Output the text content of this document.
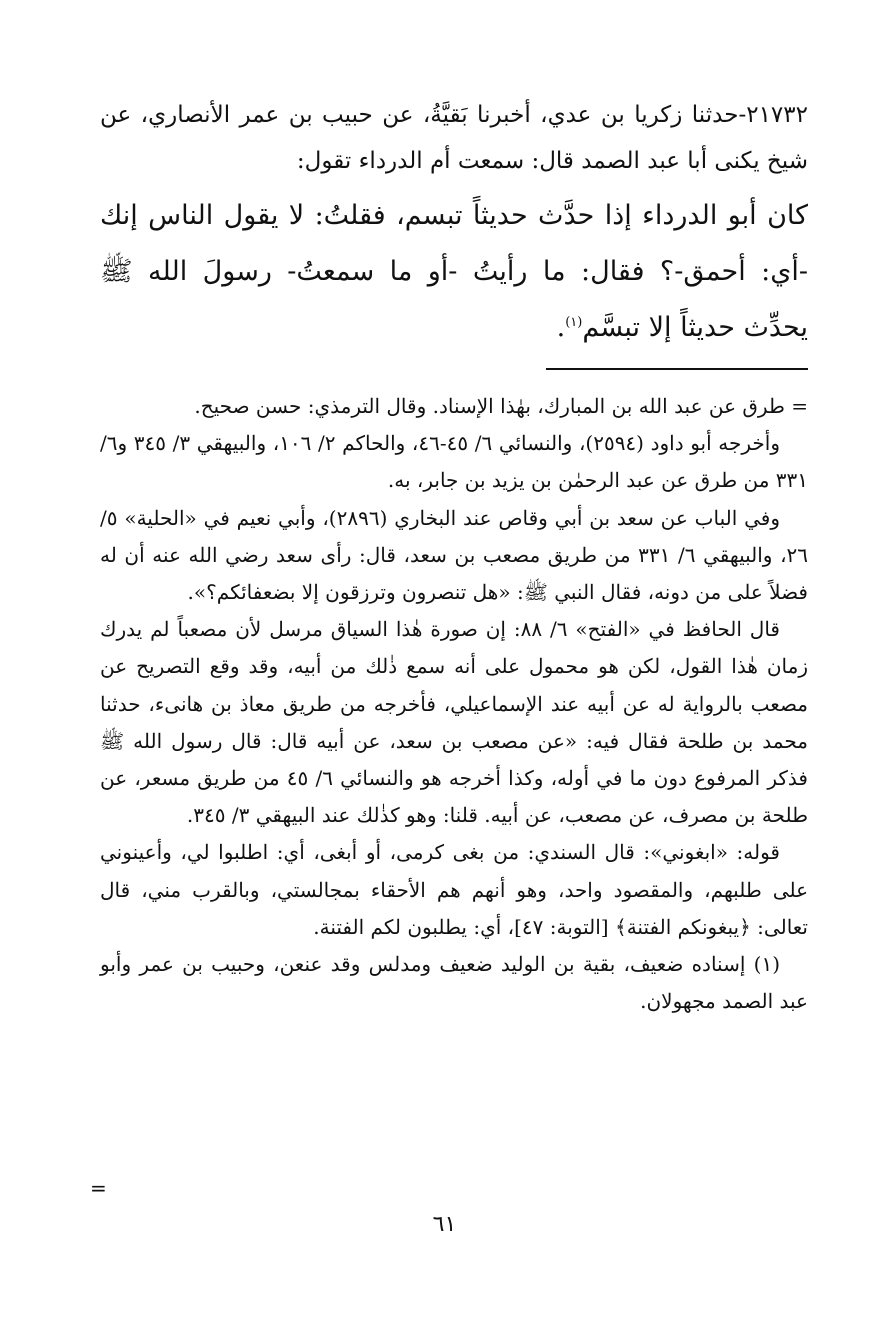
٢١٧٣٢-حدثنا زكريا بن عدي، أخبرنا بَقيَّةُ، عن حبيب بن عمر الأنصاري، عن شيخ يكنى أبا عبد الصمد قال: سمعت أم الدرداء تقول:

كان أبو الدرداء إذا حدَّث حديثاً تبسم، فقلتُ: لا يقول الناس إنك -أي: أحمق-؟ فقال: ما رأيتُ -أو ما سمعتُ- رسولَ الله ﷺ يحدِّث حديثاً إلا تبسَّم$^{(١)}$.

= طرق عن عبد الله بن المبارك، بهٰذا الإسناد. وقال الترمذي: حسن صحيح.

وأخرجه أبو داود (٢٥٩٤)، والنسائي ٦/ ٤٥-٤٦، والحاكم ٢/ ١٠٦، والبيهقي ٣/ ٣٤٥ و٦/ ٣٣١ من طرق عن عبد الرحمٰن بن يزيد بن جابر، به.

وفي الباب عن سعد بن أبي وقاص عند البخاري (٢٨٩٦)، وأبي نعيم في «الحلية» ٥/ ٢٦، والبيهقي ٦/ ٣٣١ من طريق مصعب بن سعد، قال: رأى سعد رضي الله عنه أن له فضلاً على من دونه، فقال النبي ﷺ: «هل تنصرون وترزقون إلا بضعفائكم؟».

قال الحافظ في «الفتح» ٦/ ٨٨: إن صورة هٰذا السياق مرسل لأن مصعباً لم يدرك زمان هٰذا القول، لكن هو محمول على أنه سمع ذٰلك من أبيه، وقد وقع التصريح عن مصعب بالرواية له عن أبيه عند الإسماعيلي، فأخرجه من طريق معاذ بن هانىء، حدثنا محمد بن طلحة فقال فيه: «عن مصعب بن سعد، عن أبيه قال: قال رسول الله ﷺ فذكر المرفوع دون ما في أوله، وكذا أخرجه هو والنسائي ٦/ ٤٥ من طريق مسعر، عن طلحة بن مصرف، عن مصعب، عن أبيه. قلنا: وهو كذٰلك عند البيهقي ٣/ ٣٤٥.

قوله: «ابغوني»: قال السندي: من بغى كرمى، أو أبغى، أي: اطلبوا لي، وأعينوني على طلبهم، والمقصود واحد، وهو أنهم هم الأحقاء بمجالستي، وبالقرب مني، قال تعالى: ﴿يبغونكم الفتنة﴾ [التوبة: ٤٧]، أي: يطلبون لكم الفتنة.

(١) إسناده ضعيف، بقية بن الوليد ضعيف ومدلس وقد عنعن، وحبيب بن عمر وأبو عبد الصمد مجهولان.

=
٦١
